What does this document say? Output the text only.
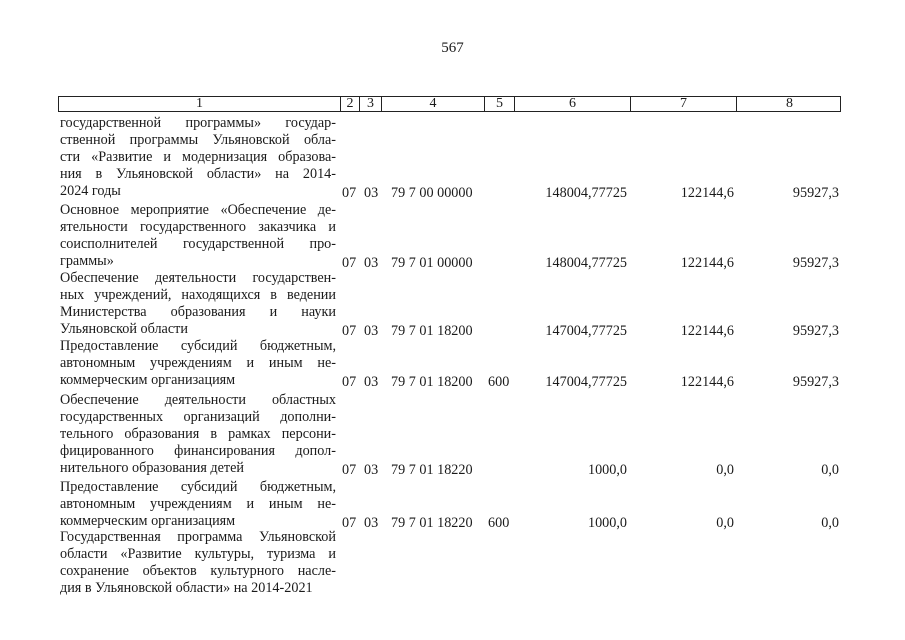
567
1	2 3	4	5	6	7	8
государственной программы» государ-
ственной программы Ульяновской обла-
сти «Развитие и модернизация образова-
ния в Ульяновской области» на 2014-
2024 годы	07 03 79 7 00 00000	148004,77725	122144,6	95927,3
Основное мероприятие «Обеспечение де-
ятельности государственного заказчика и
соисполнителей государственной про-
граммы»	07 03 79 7 01 00000	148004,77725	122144,6	95927,3
Обеспечение деятельности государствен-
ных учреждений, находящихся в ведении
Министерства образования и науки
Ульяновской области	07 03 79 7 01 18200	147004,77725	122144,6	95927,3
Предоставление субсидий бюджетным,
автономным учреждениям и иным не-
коммерческим организациям	07 03 79 7 01 18200 600	147004,77725	122144,6	95927,3
Обеспечение деятельности областных
государственных организаций дополни-
тельного образования в рамках персони-
фицированного финансирования допол-
нительного образования детей	07 03 79 7 01 18220	1000,0	0,0	0,0
Предоставление субсидий бюджетным,
автономным учреждениям и иным не-
коммерческим организациям	07 03 79 7 01 18220 600	1000,0	0,0	0,0
Государственная программа Ульяновской
области «Развитие культуры, туризма и
сохранение объектов культурного насле-
дия в Ульяновской области» на 2014-2021
